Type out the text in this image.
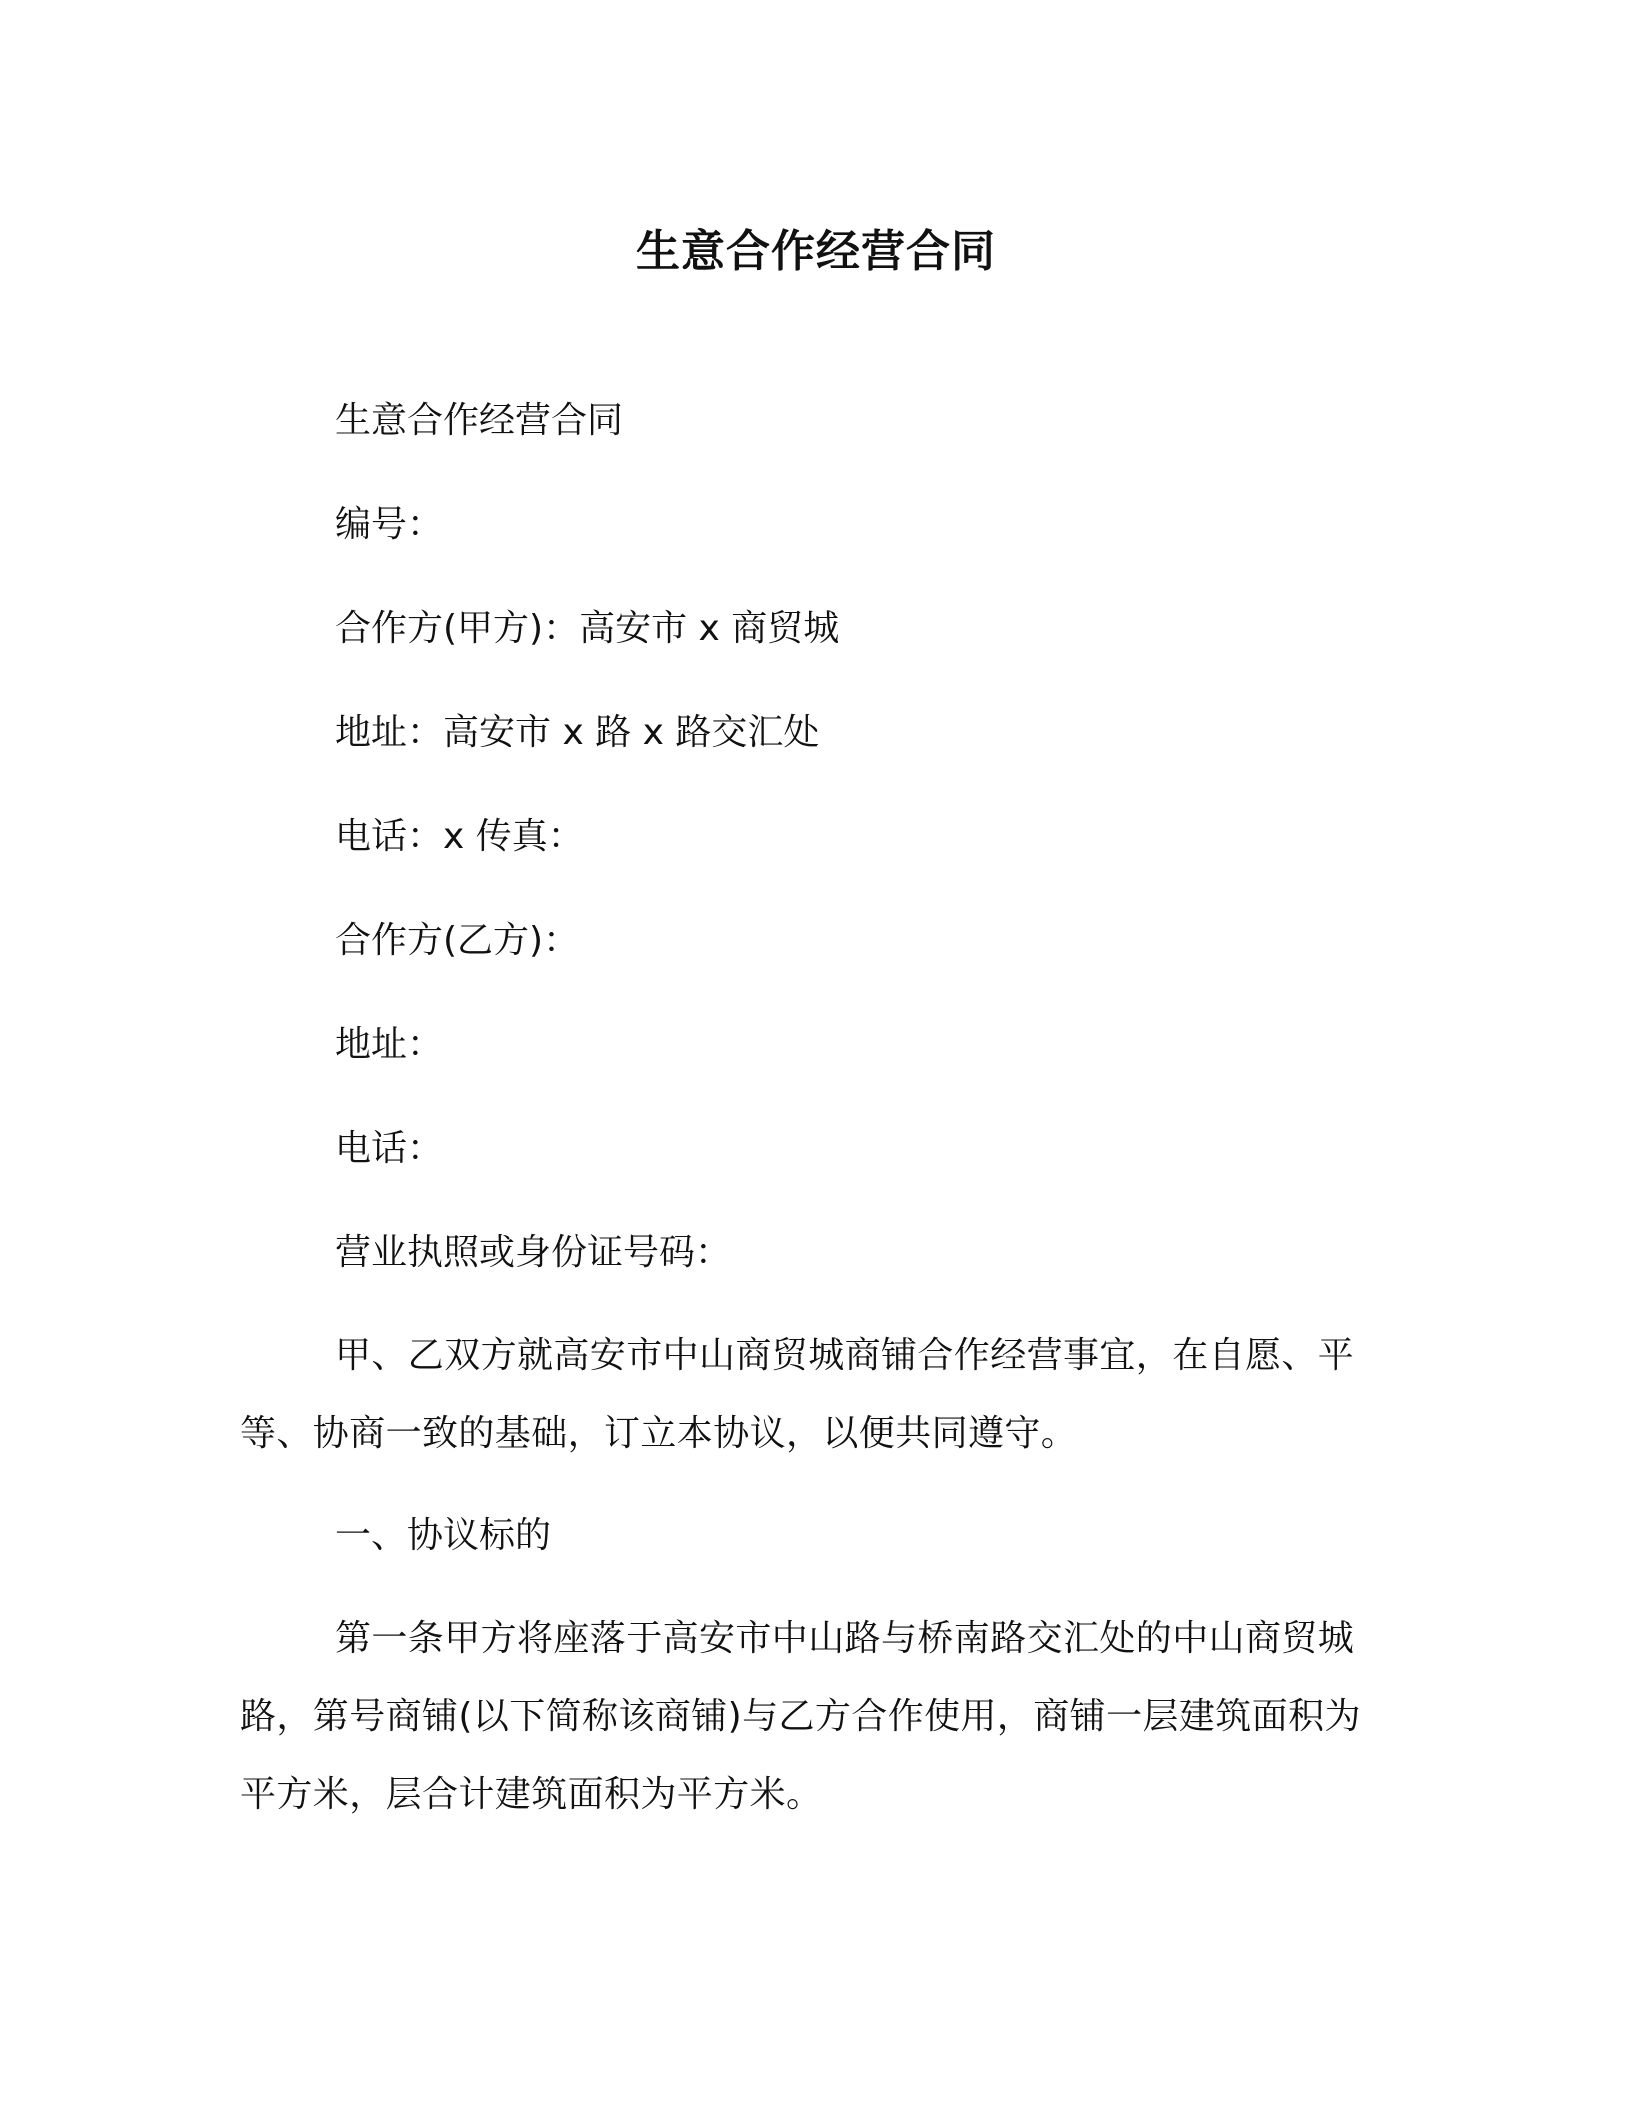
生意合作经营合同
生意合作经营合同
编号：
合作方(甲方)：高安市 x 商贸城
地址：高安市 x 路 x 路交汇处
电话：x 传真：
合作方(乙方)：
地址：
电话：
营业执照或身份证号码：
甲、乙双方就高安市中山商贸城商铺合作经营事宜，在自愿、平等、协商一致的基础，订立本协议，以便共同遵守。
一、协议标的
第一条甲方将座落于高安市中山路与桥南路交汇处的中山商贸城路，第号商铺(以下简称该商铺)与乙方合作使用，商铺一层建筑面积为平方米，层合计建筑面积为平方米。
